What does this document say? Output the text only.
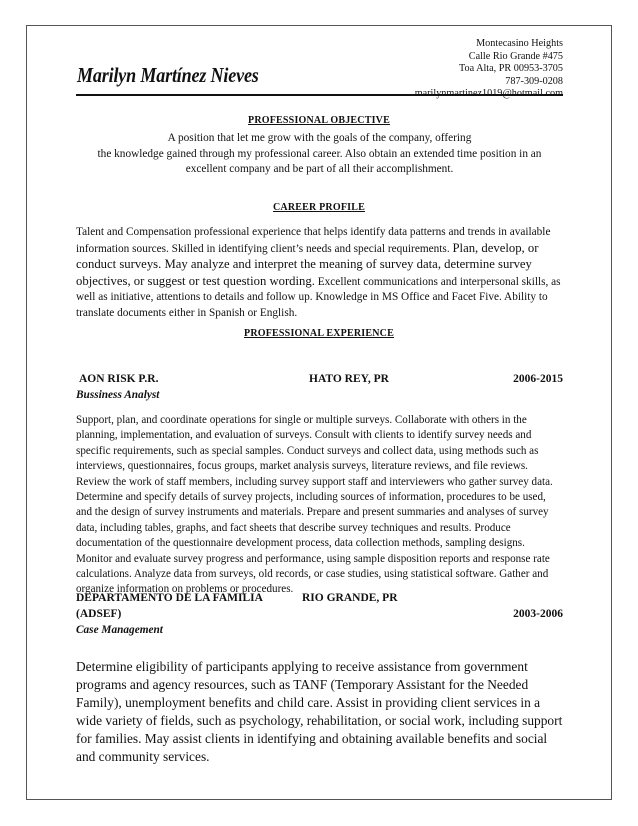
Montecasino Heights
Calle Rio Grande #475
Toa Alta, PR 00953-3705
787-309-0208
Marilyn Martínez Nieves
PROFESSIONAL OBJECTIVE
A position that let me grow with the goals of the company, offering
the knowledge gained through my professional career. Also obtain an extended time position in an
excellent company and be part of all their accomplishment.
CAREER PROFILE
Talent and Compensation professional experience that helps identify data patterns and trends in available information sources. Skilled in identifying client’s needs and special requirements. Plan, develop, or conduct surveys. May analyze and interpret the meaning of survey data, determine survey objectives, or suggest or test question wording. Excellent communications and interpersonal skills, as well as initiative, attentions to details and follow up. Knowledge in MS Office and Facet Five. Ability to translate documents either in Spanish or English.
PROFESSIONAL EXPERIENCE
AON RISK P.R.	HATO REY, PR	2006-2015
Bussiness Analyst
Support, plan, and coordinate operations for single or multiple surveys. Collaborate with others in the planning, implementation, and evaluation of surveys. Consult with clients to identify survey needs and specific requirements, such as special samples. Conduct surveys and collect data, using methods such as interviews, questionnaires, focus groups, market analysis surveys, literature reviews, and file reviews. Review the work of staff members, including survey support staff and interviewers who gather survey data. Determine and specify details of survey projects, including sources of information, procedures to be used, and the design of survey instruments and materials. Prepare and present summaries and analyses of survey data, including tables, graphs, and fact sheets that describe survey techniques and results. Produce documentation of the questionnaire development process, data collection methods, sampling designs. Monitor and evaluate survey progress and performance, using sample disposition reports and response rate calculations. Analyze data from surveys, old records, or case studies, using statistical software. Gather and organize information on problems or procedures.
DEPARTAMENTO DE LA FAMILIA	RIO GRANDE, PR
(ADSEF)	2003-2006
Case Management
Determine eligibility of participants applying to receive assistance from government programs and agency resources, such as TANF (Temporary Assistant for the Needed Family), unemployment benefits and child care. Assist in providing client services in a wide variety of fields, such as psychology, rehabilitation, or social work, including support for families. May assist clients in identifying and obtaining available benefits and social and community services.
